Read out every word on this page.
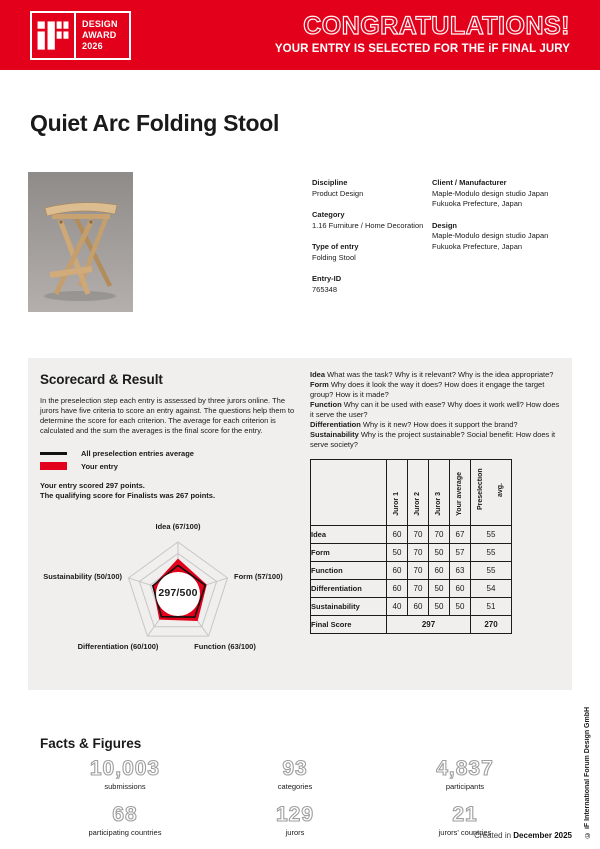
DESIGN
AWARD
2026
CONGRATULATIONS!
YOUR ENTRY IS SELECTED FOR THE iF FINAL JURY
Quiet Arc Folding Stool
Discipline
Product Design
Category
1.16 Furniture / Home Decoration
Type of entry
Folding Stool
Entry-ID
765348
Client / Manufacturer
Maple-Modulo design studio Japan
Fukuoka Prefecture, Japan
Design
Maple-Modulo design studio Japan
Fukuoka Prefecture, Japan
Scorecard & Result
In the preselection step each entry is assessed by three jurors online. The jurors have five criteria to score an entry against. The questions help them to determine the score for each criterion. The average for each criterion is calculated and the sum the averages is the final score for the entry.
All preselection entries average
Your entry
Your entry scored 297 points.
The qualifying score for Finalists was 267 points.
Idea (67/100)
Form (57/100)
Function (63/100)
Differentiation (60/100)
Sustainability (50/100)
297/500
Idea What was the task? Why is it relevant? Why is the idea appropriate?
Form Why does it look the way it does? How does it engage the target group? How is it made?
Function Why can it be used with ease? Why does it work well? How does it serve the user?
Differentiation Why is it new? How does it support the brand?
Sustainability Why is the project sustainable? Social benefit: How does it serve society?
	Juror 1	Juror 2	Juror 3	Your average	Preselection avg.
Idea	60	70	70	67	55
Form	50	70	50	57	55
Function	60	70	60	63	55
Differentiation	60	70	50	60	54
Sustainability	40	60	50	50	51
Final Score	297				270
Facts & Figures
10,003
submissions
93
categories
4,837
participants
68
participating countries
129
jurors
21
jurors' countries	© iF International Forum Design GmbH
Created in December 2025
